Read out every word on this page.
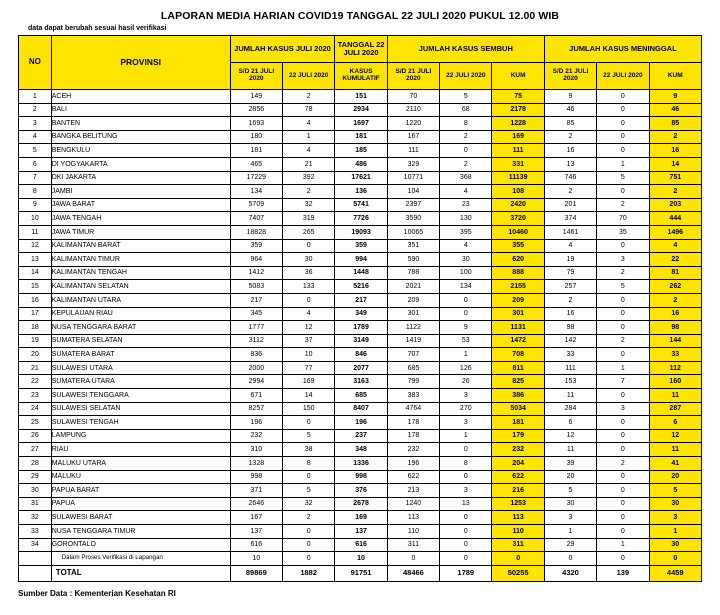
LAPORAN MEDIA HARIAN COVID19 TANGGAL 22 JULI 2020 PUKUL 12.00 WIB
data dapat berubah sesuai hasil verifikasi
NO	PROVINSI	JUMLAH KASUS JULI 2020		TANGGAL 22 JULI 2020	JUMLAH KASUS SEMBUH			JUMLAH KASUS MENINGGAL		
		S/D 21 JULI 2020	22 JULI 2020	KASUS KUMULATIF	S/D 21 JULI 2020	22 JULI 2020	KUM	S/D 21 JULI 2020	22 JULI 2020	KUM
1	ACEH	149	2	151	70	5	75	9	0	9
2	BALI	2856	78	2934	2110	68	2178	46	0	46
3	BANTEN	1693	4	1697	1220	8	1228	85	0	85
4	BANGKA BELITUNG	180	1	181	167	2	169	2	0	2
5	BENGKULU	181	4	185	111	0	111	16	0	16
6	DI YOGYAKARTA	465	21	486	329	2	331	13	1	14
7	DKI JAKARTA	17229	392	17621	10771	368	11139	746	5	751
8	JAMBI	134	2	136	104	4	108	2	0	2
9	JAWA BARAT	5709	32	5741	2397	23	2420	201	2	203
10	JAWA TENGAH	7407	319	7726	3590	130	3720	374	70	444
11	JAWA TIMUR	18828	265	19093	10065	395	10460	1461	35	1496
12	KALIMANTAN BARAT	359	0	359	351	4	355	4	0	4
13	KALIMANTAN TIMUR	964	30	994	590	30	620	19	3	22
14	KALIMANTAN TENGAH	1412	36	1448	788	100	888	79	2	81
15	KALIMANTAN SELATAN	5083	133	5216	2021	134	2155	257	5	262
16	KALIMANTAN UTARA	217	0	217	209	0	209	2	0	2
17	KEPULAUAN RIAU	345	4	349	301	0	301	16	0	16
18	NUSA TENGGARA BARAT	1777	12	1789	1122	9	1131	98	0	98
19	SUMATERA SELATAN	3112	37	3149	1419	53	1472	142	2	144
20	SUMATERA BARAT	836	10	846	707	1	708	33	0	33
21	SULAWESI UTARA	2000	77	2077	685	126	811	111	1	112
22	SUMATERA UTARA	2994	169	3163	799	26	825	153	7	160
23	SULAWESI TENGGARA	671	14	685	383	3	386	11	0	11
24	SULAWESI SELATAN	8257	150	8407	4764	270	5034	284	3	287
25	SULAWESI TENGAH	196	0	196	178	3	181	6	0	6
26	LAMPUNG	232	5	237	178	1	179	12	0	12
27	RIAU	310	38	348	232	0	232	11	0	11
28	MALUKU UTARA	1328	8	1336	196	8	204	39	2	41
29	MALUKU	998	0	998	622	0	622	20	0	20
30	PAPUA BARAT	371	5	376	213	3	216	5	0	5
31	PAPUA	2646	32	2678	1240	13	1253	30	0	30
32	SULAWESI BARAT	167	2	169	113	0	113	3	0	3
33	NUSA TENGGARA TIMUR	137	0	137	110	0	110	1	0	1
34	GORONTALO	616	0	616	311	0	311	29	1	30
	Dalam Proses Verifikasi di Lapangan	10	0	10	0	0	0	0	0	0
	TOTAL	89869	1882	91751	48466	1789	50255	4320	139	4459
Sumber Data : Kementerian Kesehatan RI
